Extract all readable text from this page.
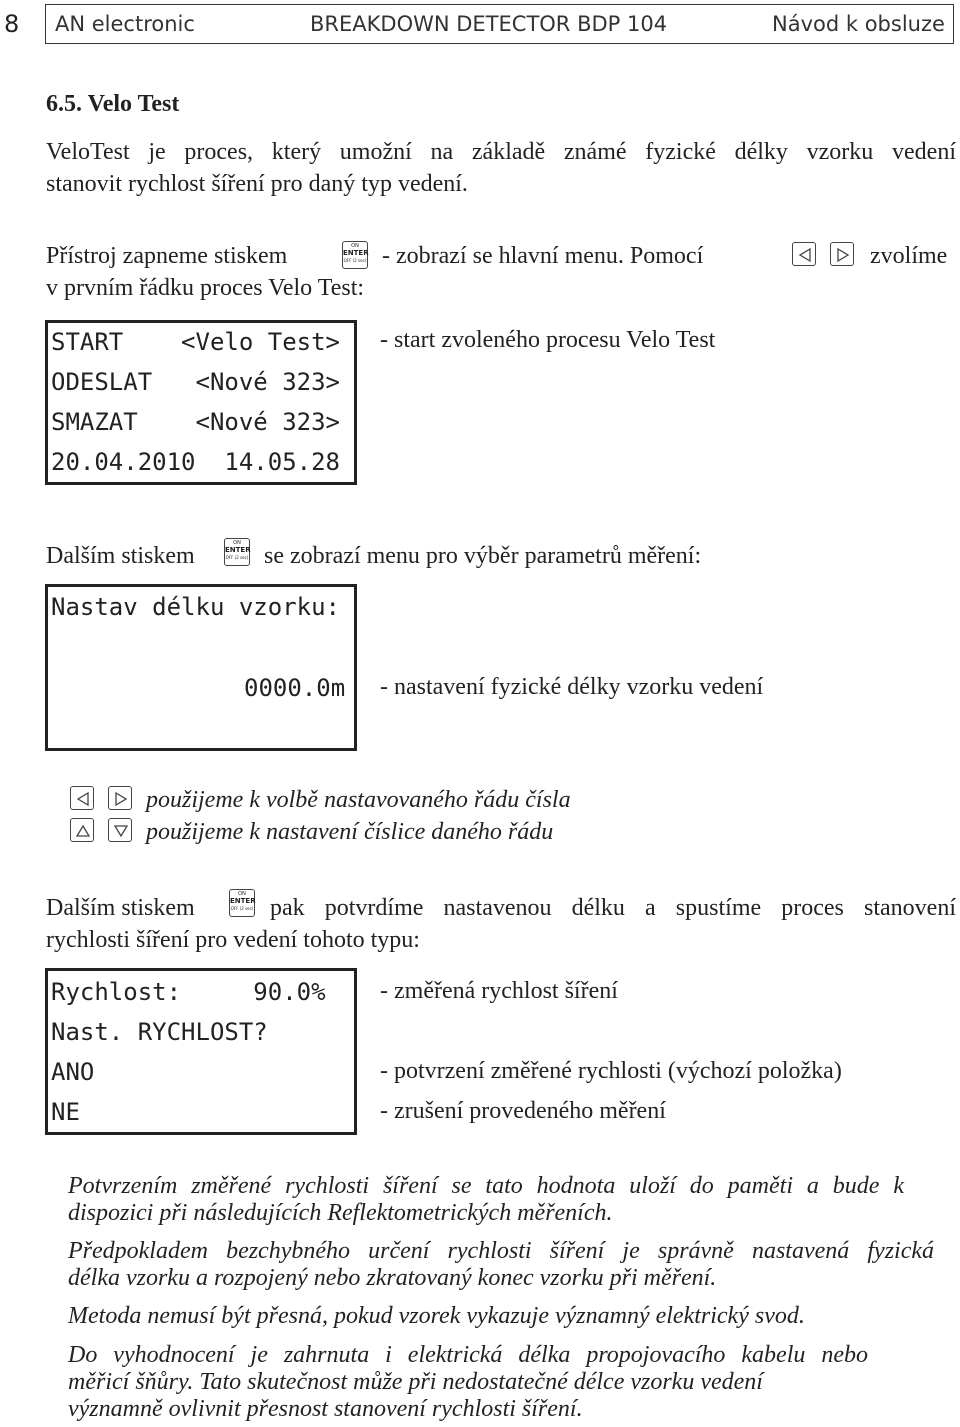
8 AN electronic	BREAKDOWN DETECTOR BDP 104	Návod k obsluze
6.5. Velo Test
VeloTest je proces, který umožní na základě známé fyzické délky vzorku vedení
stanovit rychlost šíření pro daný typ vedení.
Přístroj zapneme stiskem	ON
ENTER
OFF (2 sec) - zobrazí se hlavní menu. Pomocí	zvolíme
v prvním řádku proces Velo Test:
START    <Velo Test>
ODESLAT   <Nové 323>
SMAZAT    <Nové 323>
20.04.2010  14.05.28
- start zvoleného procesu Velo Test
Dalším stiskem	ON
ENTER
OFF (2 sec) se zobrazí menu pro výběr parametrů měření:
Nastav délku vzorku:
0000.0m - nastavení fyzické délky vzorku vedení
použijeme k volbě nastavovaného řádu čísla
použijeme k nastavení číslice daného řádu
Dalším stiskem
ON
ENTER
OFF (2 sec) pak potvrdíme nastavenou délku a spustíme proces stanovení
rychlosti šíření pro vedení tohoto typu:
Rychlost:     90.0%
Nast. RYCHLOST?
ANO
NE
- změřená rychlost šíření
- potvrzení změřené rychlosti (výchozí položka)
- zrušení provedeného měření
Potvrzením změřené rychlosti šíření se tato hodnota uloží do paměti a bude k
dispozici při následujících Reflektometrických měřeních.
Předpokladem bezchybného určení rychlosti šíření je správně nastavená fyzická
délka vzorku a rozpojený nebo zkratovaný konec vzorku při měření.
Metoda nemusí být přesná, pokud vzorek vykazuje významný elektrický svod.
Do vyhodnocení je zahrnuta i elektrická délka propojovacího kabelu nebo
měřicí šňůry. Tato skutečnost může při nedostatečné délce vzorku vedení
významně ovlivnit přesnost stanovení rychlosti šíření.
